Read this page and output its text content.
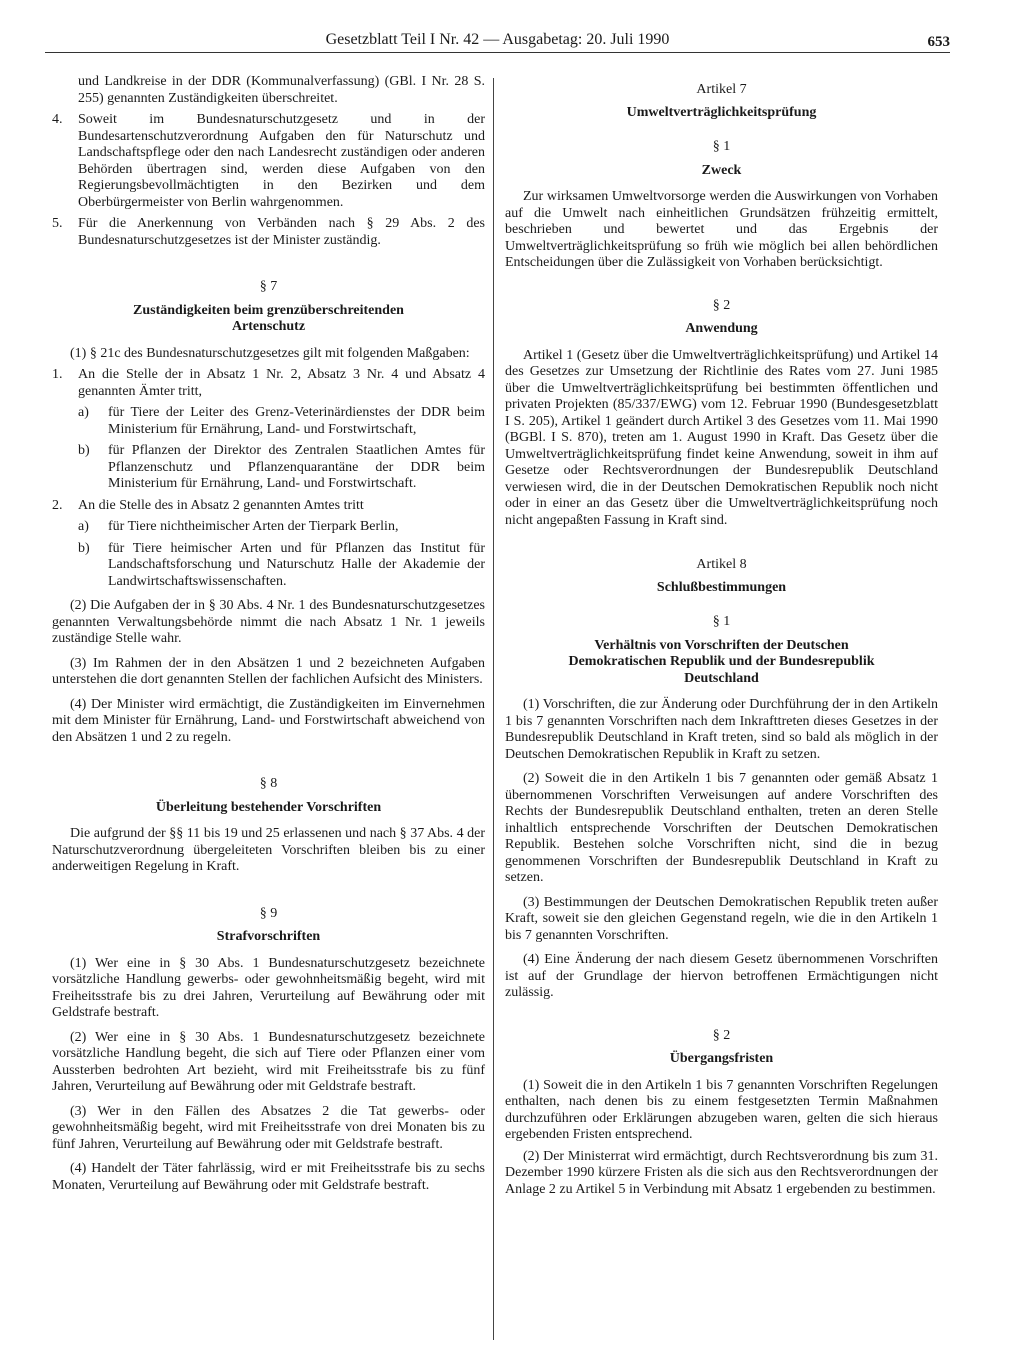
Gesetzblatt Teil I Nr. 42 — Ausgabetag: 20. Juli 1990	653
und Landkreise in der DDR (Kommunalverfassung) (GBl. I Nr. 28 S. 255) genannten Zuständigkeiten überschreitet.
4.	Soweit im Bundesnaturschutzgesetz und in der Bundesartenschutzverordnung Aufgaben den für Naturschutz und Landschaftspflege oder den nach Landesrecht zuständigen oder anderen Behörden übertragen sind, werden diese Aufgaben von den Regierungsbevollmächtigten in den Bezirken und dem Oberbürgermeister von Berlin wahrgenommen.
5.	Für die Anerkennung von Verbänden nach § 29 Abs. 2 des Bundesnaturschutzgesetzes ist der Minister zuständig.

§ 7

Zuständigkeiten beim grenzüberschreitenden Artenschutz

(1) § 21c des Bundesnaturschutzgesetzes gilt mit folgenden Maßgaben:

1.	An die Stelle der in Absatz 1 Nr. 2, Absatz 3 Nr. 4 und Absatz 4 genannten Ämter tritt,
a)	für Tiere der Leiter des Grenz-Veterinärdienstes der DDR beim Ministerium für Ernährung, Land- und Forstwirtschaft,
b)	für Pflanzen der Direktor des Zentralen Staatlichen Amtes für Pflanzenschutz und Pflanzenquarantäne der DDR beim Ministerium für Ernährung, Land- und Forstwirtschaft.
2.	An die Stelle des in Absatz 2 genannten Amtes tritt
a)	für Tiere nichtheimischer Arten der Tierpark Berlin,
b)	für Tiere heimischer Arten und für Pflanzen das Institut für Landschaftsforschung und Naturschutz Halle der Akademie der Landwirtschaftswissenschaften.

(2) Die Aufgaben der in § 30 Abs. 4 Nr. 1 des Bundesnaturschutzgesetzes genannten Verwaltungsbehörde nimmt die nach Absatz 1 Nr. 1 jeweils zuständige Stelle wahr.

(3) Im Rahmen der in den Absätzen 1 und 2 bezeichneten Aufgaben unterstehen die dort genannten Stellen der fachlichen Aufsicht des Ministers.

(4) Der Minister wird ermächtigt, die Zuständigkeiten im Einvernehmen mit dem Minister für Ernährung, Land- und Forstwirtschaft abweichend von den Absätzen 1 und 2 zu regeln.

§ 8

Überleitung bestehender Vorschriften

Die aufgrund der §§ 11 bis 19 und 25 erlassenen und nach § 37 Abs. 4 der Naturschutzverordnung übergeleiteten Vorschriften bleiben bis zu einer anderweitigen Regelung in Kraft.

§ 9

Strafvorschriften

(1) Wer eine in § 30 Abs. 1 Bundesnaturschutzgesetz bezeichnete vorsätzliche Handlung gewerbs- oder gewohnheitsmäßig begeht, wird mit Freiheitsstrafe bis zu drei Jahren, Verurteilung auf Bewährung oder mit Geldstrafe bestraft.

(2) Wer eine in § 30 Abs. 1 Bundesnaturschutzgesetz bezeichnete vorsätzliche Handlung begeht, die sich auf Tiere oder Pflanzen einer vom Aussterben bedrohten Art bezieht, wird mit Freiheitsstrafe bis zu fünf Jahren, Verurteilung auf Bewährung oder mit Geldstrafe bestraft.

(3) Wer in den Fällen des Absatzes 2 die Tat gewerbs- oder gewohnheitsmäßig begeht, wird mit Freiheitsstrafe von drei Monaten bis zu fünf Jahren, Verurteilung auf Bewährung oder mit Geldstrafe bestraft.

(4) Handelt der Täter fahrlässig, wird er mit Freiheitsstrafe bis zu sechs Monaten, Verurteilung auf Bewährung oder mit Geldstrafe bestraft.

Artikel 7

Umweltverträglichkeitsprüfung

§ 1

Zweck

Zur wirksamen Umweltvorsorge werden die Auswirkungen von Vorhaben auf die Umwelt nach einheitlichen Grundsätzen frühzeitig ermittelt, beschrieben und bewertet und das Ergebnis der Umweltverträglichkeitsprüfung so früh wie möglich bei allen behördlichen Entscheidungen über die Zulässigkeit von Vorhaben berücksichtigt.

§ 2

Anwendung

Artikel 1 (Gesetz über die Umweltverträglichkeitsprüfung) und Artikel 14 des Gesetzes zur Umsetzung der Richtlinie des Rates vom 27. Juni 1985 über die Umweltverträglichkeitsprüfung bei bestimmten öffentlichen und privaten Projekten (85/337/EWG) vom 12. Februar 1990 (Bundesgesetzblatt I S. 205), Artikel 1 geändert durch Artikel 3 des Gesetzes vom 11. Mai 1990 (BGBl. I S. 870), treten am 1. August 1990 in Kraft. Das Gesetz über die Umweltverträglichkeitsprüfung findet keine Anwendung, soweit in ihm auf Gesetze oder Rechtsverordnungen der Bundesrepublik Deutschland verwiesen wird, die in der Deutschen Demokratischen Republik noch nicht oder in einer an das Gesetz über die Umweltverträglichkeitsprüfung noch nicht angepaßten Fassung in Kraft sind.

Artikel 8

Schlußbestimmungen

§ 1

Verhältnis von Vorschriften der Deutschen Demokratischen Republik und der Bundesrepublik Deutschland

(1) Vorschriften, die zur Änderung oder Durchführung der in den Artikeln 1 bis 7 genannten Vorschriften nach dem Inkrafttreten dieses Gesetzes in der Bundesrepublik Deutschland in Kraft treten, sind so bald als möglich in der Deutschen Demokratischen Republik in Kraft zu setzen.

(2) Soweit die in den Artikeln 1 bis 7 genannten oder gemäß Absatz 1 übernommenen Vorschriften Verweisungen auf andere Vorschriften des Rechts der Bundesrepublik Deutschland enthalten, treten an deren Stelle inhaltlich entsprechende Vorschriften der Deutschen Demokratischen Republik. Bestehen solche Vorschriften nicht, sind die in bezug genommenen Vorschriften der Bundesrepublik Deutschland in Kraft zu setzen.

(3) Bestimmungen der Deutschen Demokratischen Republik treten außer Kraft, soweit sie den gleichen Gegenstand regeln, wie die in den Artikeln 1 bis 7 genannten Vorschriften.

(4) Eine Änderung der nach diesem Gesetz übernommenen Vorschriften ist auf der Grundlage der hiervon betroffenen Ermächtigungen nicht zulässig.

§ 2

Übergangsfristen

(1) Soweit die in den Artikeln 1 bis 7 genannten Vorschriften Regelungen enthalten, nach denen bis zu einem festgesetzten Termin Maßnahmen durchzuführen oder Erklärungen abzugeben waren, gelten die sich hieraus ergebenden Fristen entsprechend.

(2) Der Ministerrat wird ermächtigt, durch Rechtsverordnung bis zum 31. Dezember 1990 kürzere Fristen als die sich aus den Rechtsverordnungen der Anlage 2 zu Artikel 5 in Verbindung mit Absatz 1 ergebenden zu bestimmen.
